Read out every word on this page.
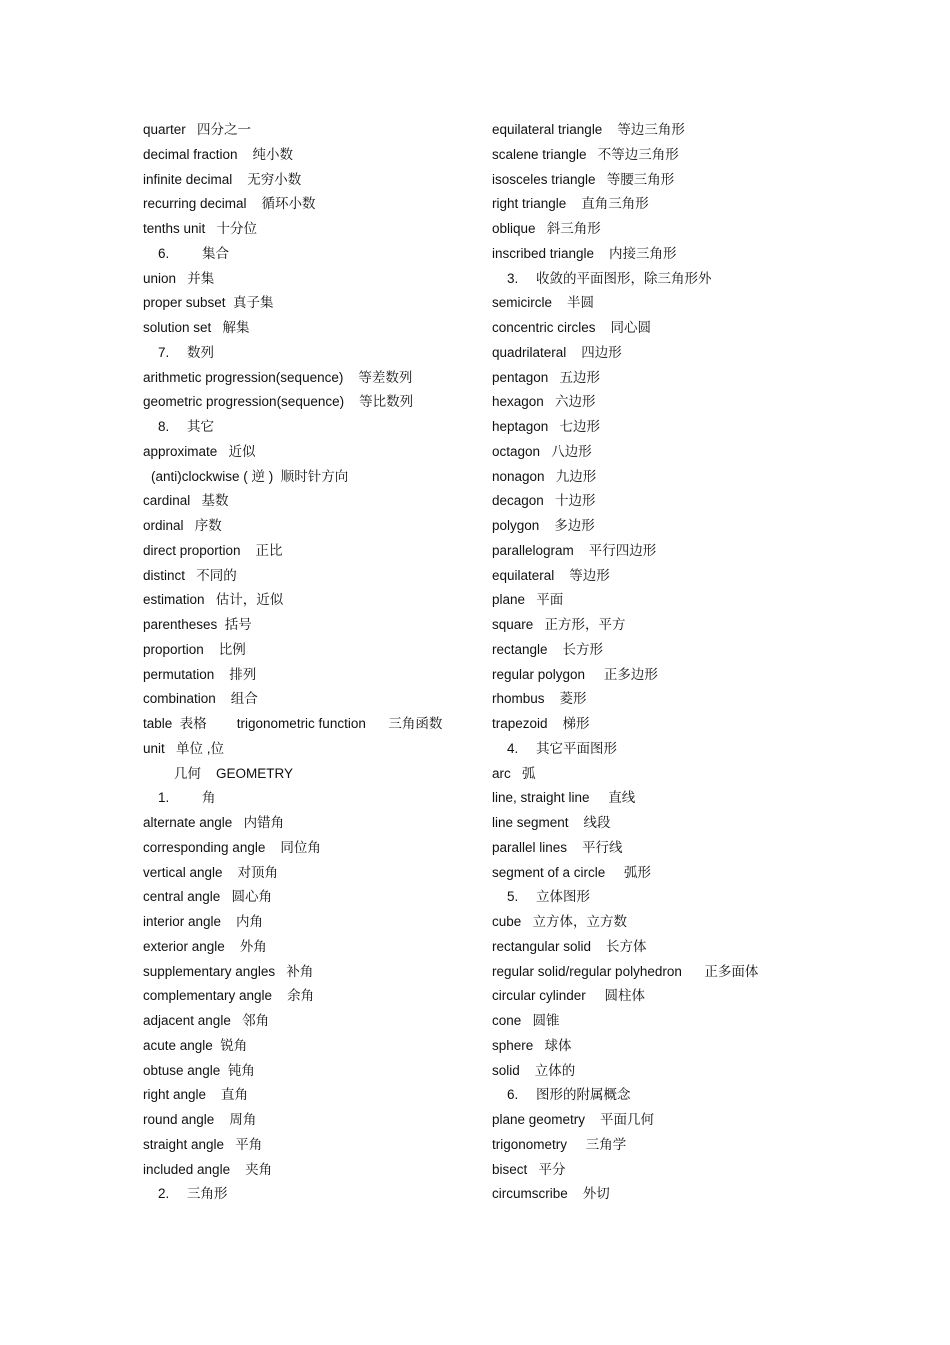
quarter   四分之一
decimal fraction    纯小数
infinite decimal    无穷小数
recurring decimal    循环小数
tenths unit   十分位
6. 集合
union   并集
proper subset  真子集
solution set   解集
7. 数列
arithmetic progression(sequence)    等差数列
geometric progression(sequence)    等比数列
8. 其它
approximate   近似
(anti)clockwise ( 逆 )  顺时针方向
cardinal   基数
ordinal   序数
direct proportion    正比
distinct   不同的
estimation   估计，近似
parentheses  括号
proportion    比例
permutation    排列
combination    组合
table  表格        trigonometric function      三角函数
unit   单位 ,位
几何    GEOMETRY
1. 角
alternate angle   内错角
corresponding angle    同位角
vertical angle    对顶角
central angle   圆心角
interior angle    内角
exterior angle    外角
supplementary angles   补角
complementary angle    余角
adjacent angle   邻角
acute angle  锐角
obtuse angle  钝角
right angle    直角
round angle    周角
straight angle   平角
included angle    夹角
2. 三角形
equilateral triangle    等边三角形
scalene triangle   不等边三角形
isosceles triangle   等腰三角形
right triangle    直角三角形
oblique   斜三角形
inscribed triangle    内接三角形
3. 收敛的平面图形，除三角形外
semicircle    半圆
concentric circles    同心圆
quadrilateral    四边形
pentagon   五边形
hexagon   六边形
heptagon   七边形
octagon   八边形
nonagon   九边形
decagon   十边形
polygon    多边形
parallelogram    平行四边形
equilateral    等边形
plane   平面
square   正方形，平方
rectangle    长方形
regular polygon     正多边形
rhombus    菱形
trapezoid    梯形
4. 其它平面图形
arc   弧
line, straight line     直线
line segment    线段
parallel lines    平行线
segment of a circle     弧形
5. 立体图形
cube   立方体，立方数
rectangular solid    长方体
regular solid/regular polyhedron      正多面体
circular cylinder     圆柱体
cone   圆锥
sphere   球体
solid    立体的
6. 图形的附属概念
plane geometry    平面几何
trigonometry     三角学
bisect   平分
circumscribe    外切
